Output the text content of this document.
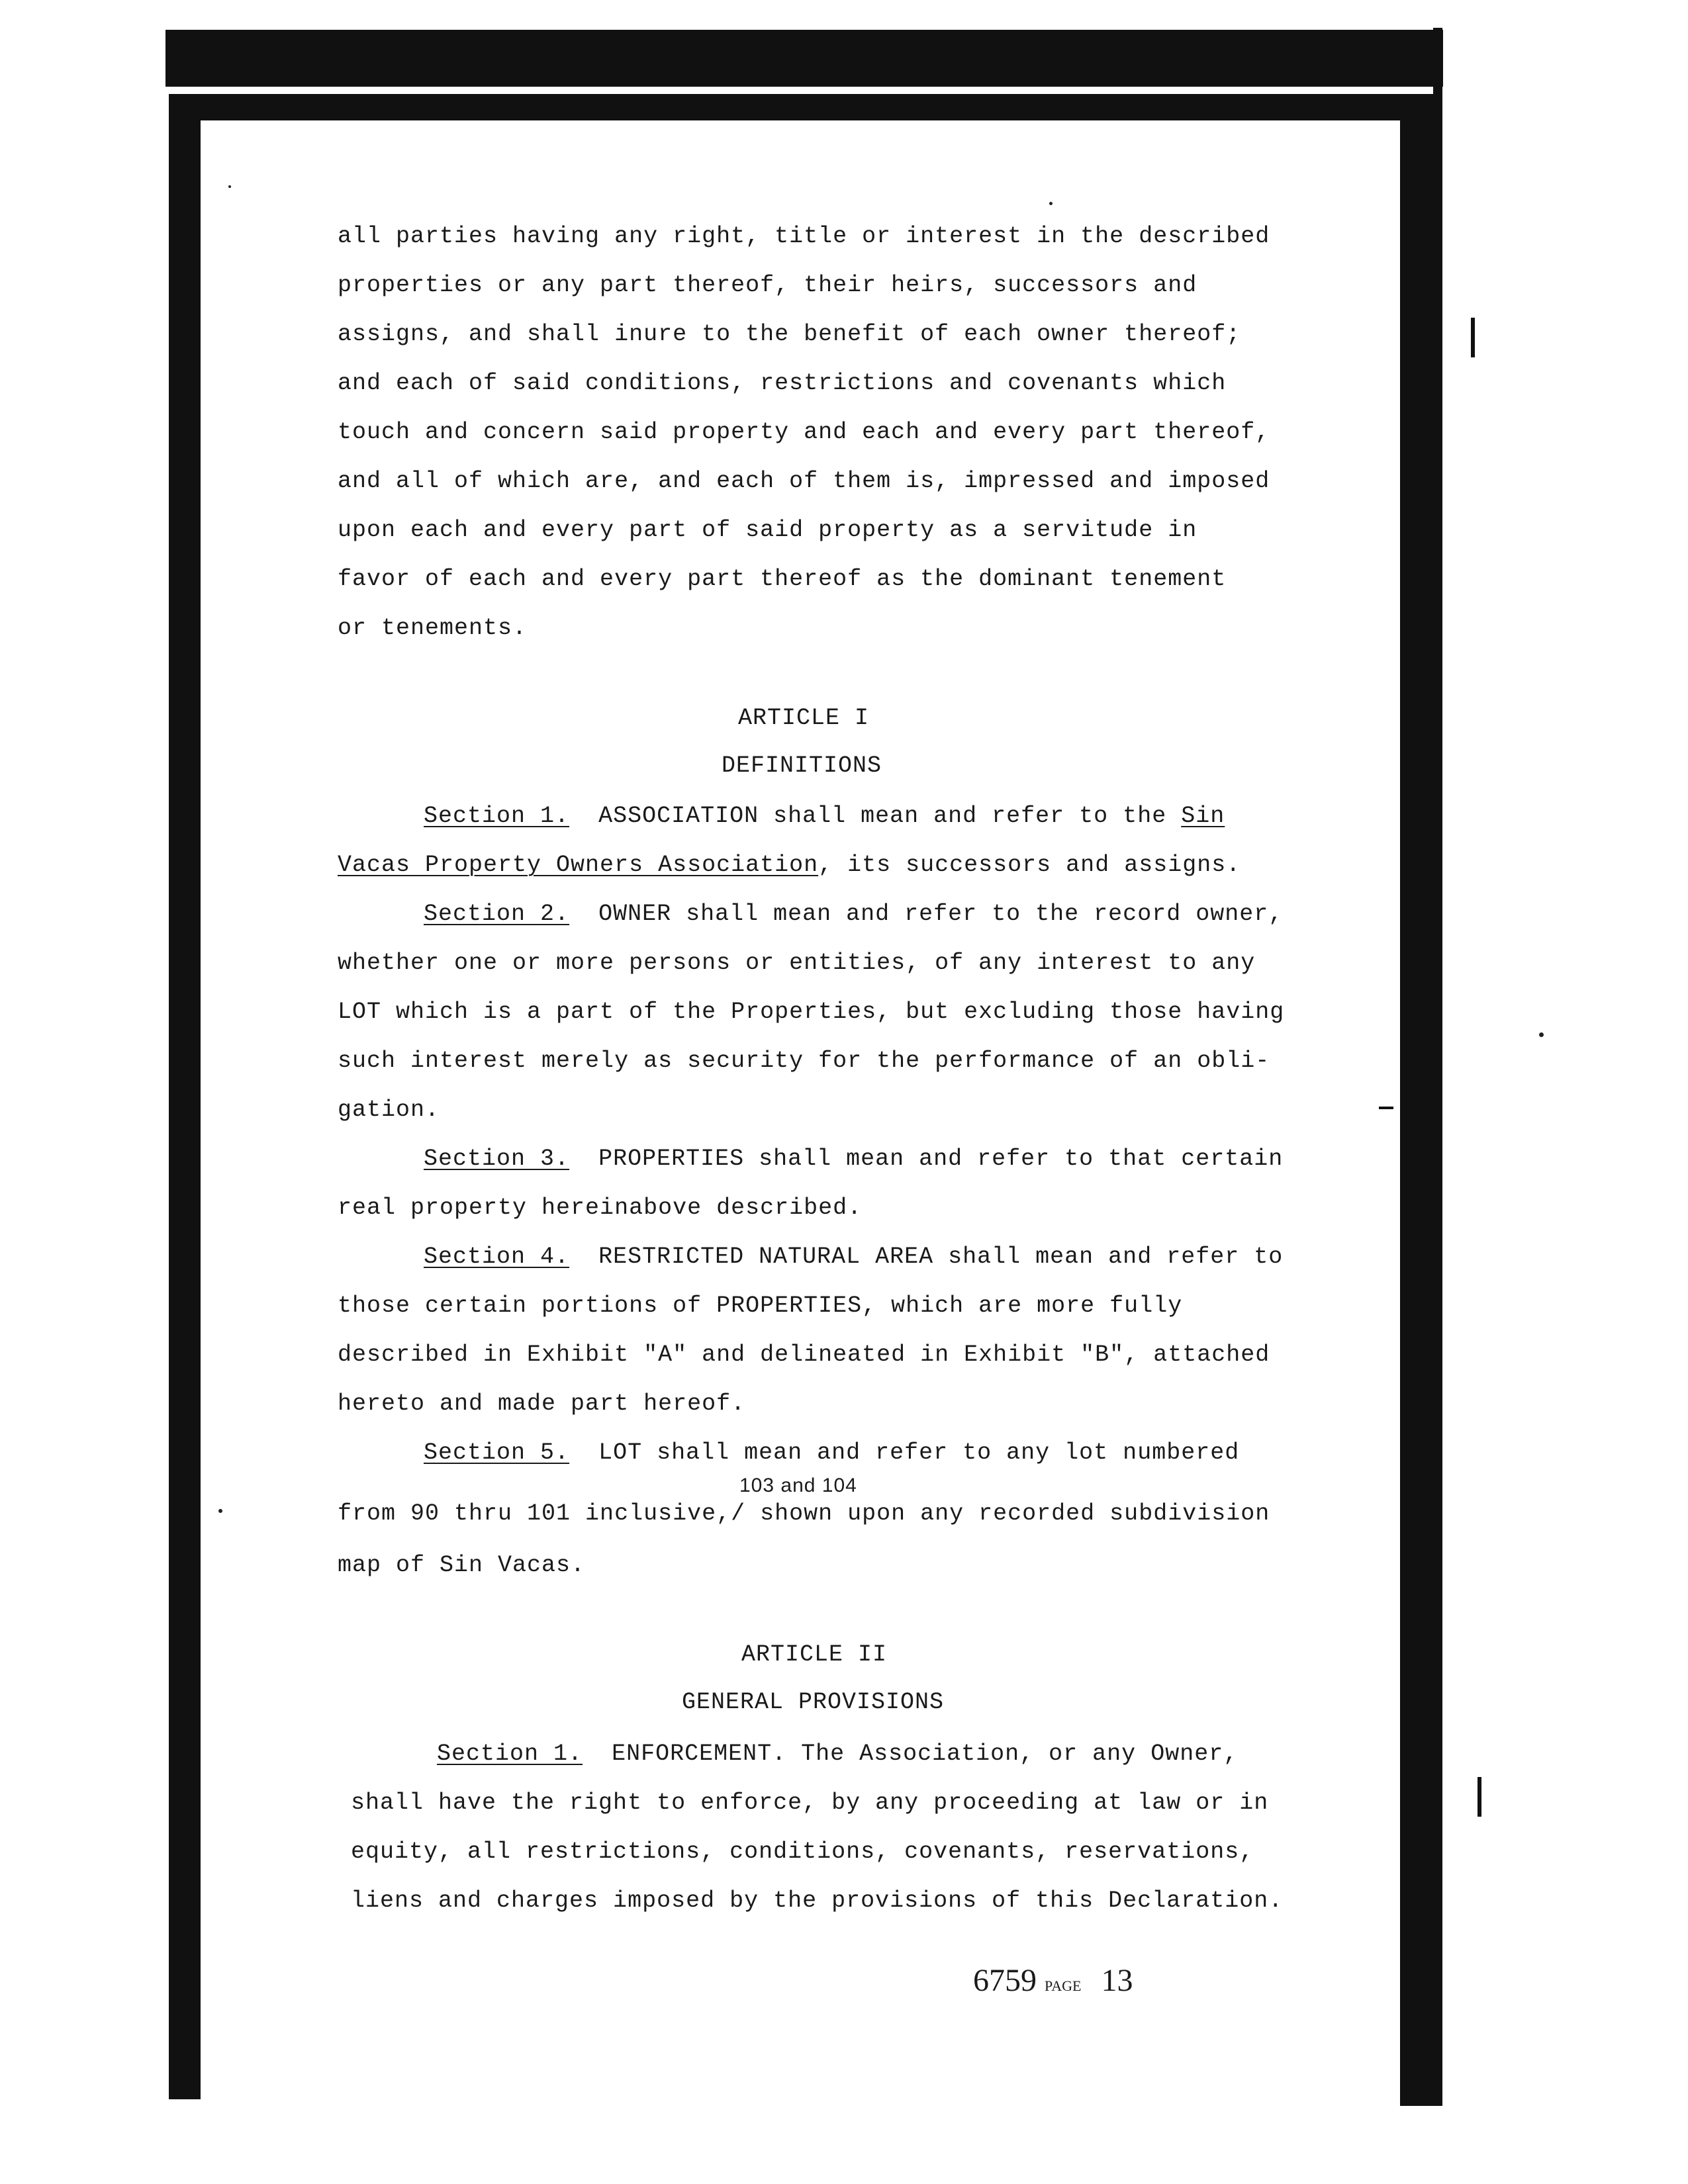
all parties having any right, title or interest in the described
properties or any part thereof, their heirs, successors and
assigns, and shall inure to the benefit of each owner thereof;
and each of said conditions, restrictions and covenants which
touch and concern said property and each and every part thereof,
and all of which are, and each of them is, impressed and imposed
upon each and every part of said property as a servitude in
favor of each and every part thereof as the dominant tenement
or tenements.
ARTICLE I
DEFINITIONS
Section 1. ASSOCIATION shall mean and refer to the Sin
Vacas Property Owners Association, its successors and assigns.
Section 2. OWNER shall mean and refer to the record owner,
whether one or more persons or entities, of any interest to any
LOT which is a part of the Properties, but excluding those having
such interest merely as security for the performance of an obli-
gation.
Section 3. PROPERTIES shall mean and refer to that certain
real property hereinabove described.
Section 4. RESTRICTED NATURAL AREA shall mean and refer to
those certain portions of PROPERTIES, which are more fully
described in Exhibit "A" and delineated in Exhibit "B", attached
hereto and made part hereof.
Section 5. LOT shall mean and refer to any lot numbered
103 and 104
from 90 thru 101 inclusive,/ shown upon any recorded subdivision
map of Sin Vacas.
ARTICLE II
GENERAL PROVISIONS
Section 1. ENFORCEMENT. The Association, or any Owner,
shall have the right to enforce, by any proceeding at law or in
equity, all restrictions, conditions, covenants, reservations,
liens and charges imposed by the provisions of this Declaration.
6759 PAGE 13
